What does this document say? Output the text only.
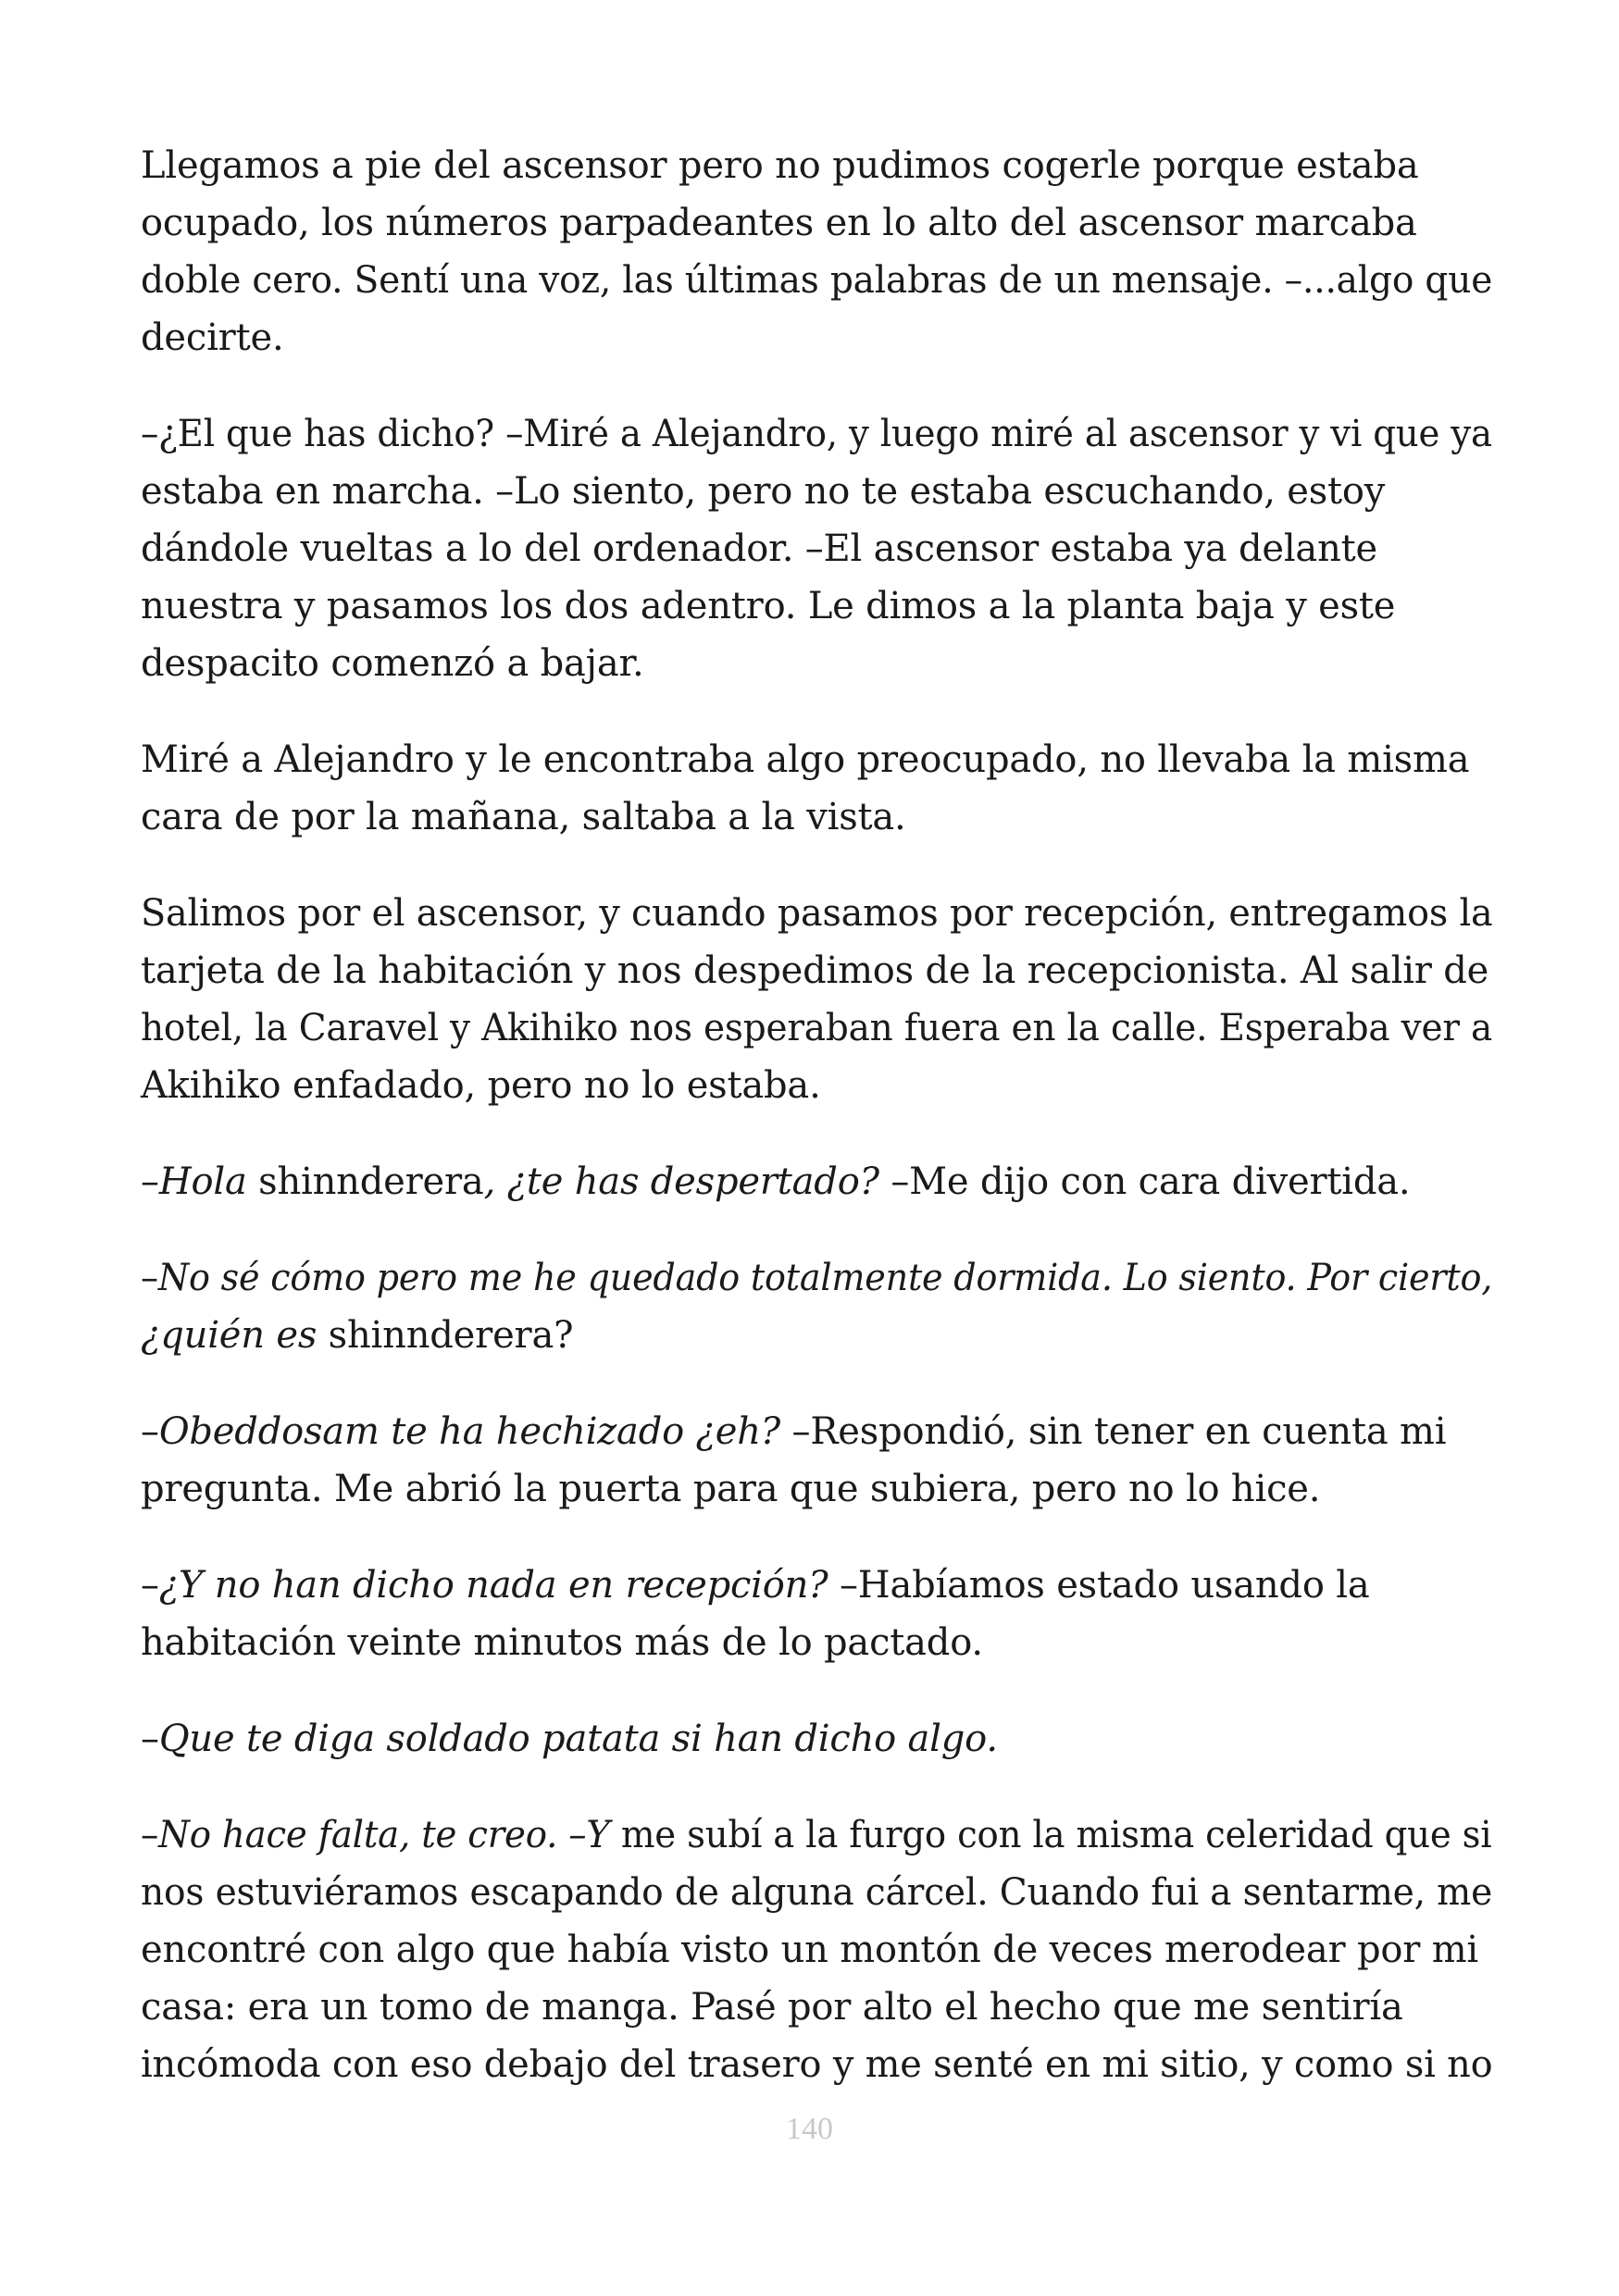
Llegamos a pie del ascensor pero no pudimos cogerle porque estaba
ocupado, los números parpadeantes en lo alto del ascensor marcaba
doble cero. Sentí una voz, las últimas palabras de un mensaje. –...algo que
decirte.

–¿El que has dicho? –Miré a Alejandro, y luego miré al ascensor y vi que ya
estaba en marcha. –Lo siento, pero no te estaba escuchando, estoy
dándole vueltas a lo del ordenador. –El ascensor estaba ya delante
nuestra y pasamos los dos adentro. Le dimos a la planta baja y este
despacito comenzó a bajar.

Miré a Alejandro y le encontraba algo preocupado, no llevaba la misma
cara de por la mañana, saltaba a la vista.

Salimos por el ascensor, y cuando pasamos por recepción, entregamos la
tarjeta de la habitación y nos despedimos de la recepcionista. Al salir de
hotel, la Caravel y Akihiko nos esperaban fuera en la calle. Esperaba ver a
Akihiko enfadado, pero no lo estaba.

–Hola shinnderera, ¿te has despertado? –Me dijo con cara divertida.

–No sé cómo pero me he quedado totalmente dormida. Lo siento. Por cierto,
¿quién es shinnderera?

–Obeddosam te ha hechizado ¿eh? –Respondió, sin tener en cuenta mi
pregunta. Me abrió la puerta para que subiera, pero no lo hice.

–¿Y no han dicho nada en recepción? –Habíamos estado usando la
habitación veinte minutos más de lo pactado.

–Que te diga soldado patata si han dicho algo.

–No hace falta, te creo. –Y me subí a la furgo con la misma celeridad que si
nos estuviéramos escapando de alguna cárcel. Cuando fui a sentarme, me
encontré con algo que había visto un montón de veces merodear por mi
casa: era un tomo de manga. Pasé por alto el hecho que me sentiría
incómoda con eso debajo del trasero y me senté en mi sitio, y como si no

140
